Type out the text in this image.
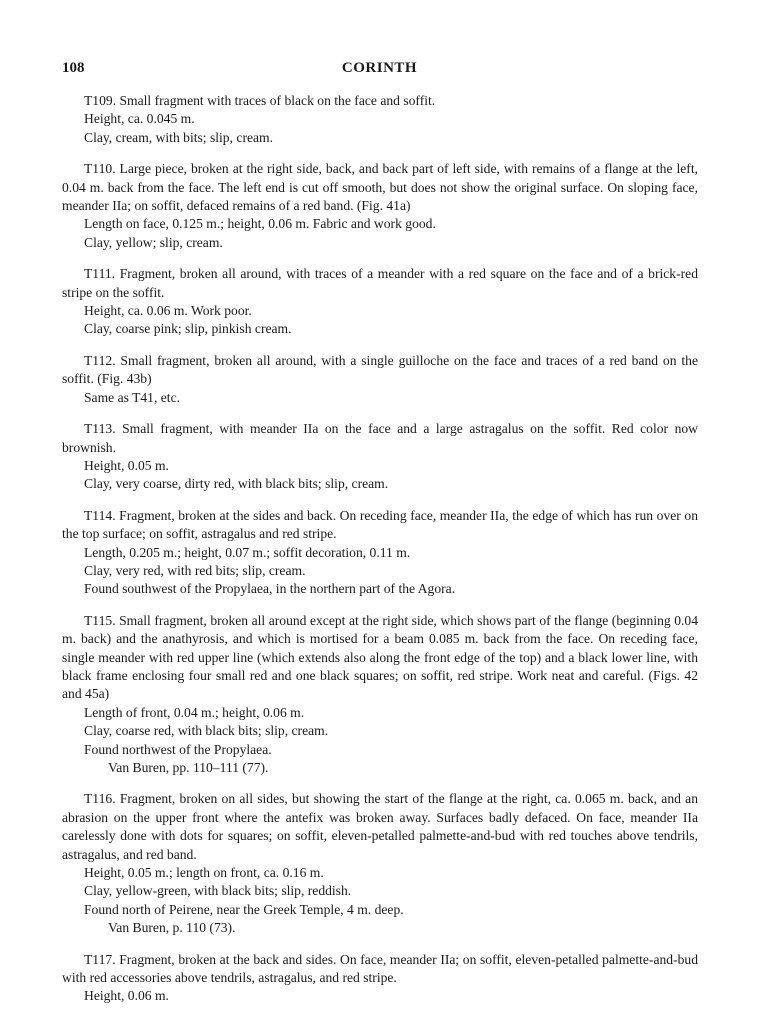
108	CORINTH

T109. Small fragment with traces of black on the face and soffit.

Height, ca. 0.045 m.

Clay, cream, with bits; slip, cream.

T110. Large piece, broken at the right side, back, and back part of left side, with remains of a flange at the left, 0.04 m. back from the face. The left end is cut off smooth, but does not show the original surface. On sloping face, meander IIa; on soffit, defaced remains of a red band. (Fig. 41a)

Length on face, 0.125 m.; height, 0.06 m. Fabric and work good.

Clay, yellow; slip, cream.

T111. Fragment, broken all around, with traces of a meander with a red square on the face and of a brick-red stripe on the soffit.

Height, ca. 0.06 m. Work poor.

Clay, coarse pink; slip, pinkish cream.

T112. Small fragment, broken all around, with a single guilloche on the face and traces of a red band on the soffit. (Fig. 43b)

Same as T41, etc.

T113. Small fragment, with meander IIa on the face and a large astragalus on the soffit. Red color now brownish.

Height, 0.05 m.

Clay, very coarse, dirty red, with black bits; slip, cream.

T114. Fragment, broken at the sides and back. On receding face, meander IIa, the edge of which has run over on the top surface; on soffit, astragalus and red stripe.

Length, 0.205 m.; height, 0.07 m.; soffit decoration, 0.11 m.

Clay, very red, with red bits; slip, cream.

Found southwest of the Propylaea, in the northern part of the Agora.

T115. Small fragment, broken all around except at the right side, which shows part of the flange (beginning 0.04 m. back) and the anathyrosis, and which is mortised for a beam 0.085 m. back from the face. On receding face, single meander with red upper line (which extends also along the front edge of the top) and a black lower line, with black frame enclosing four small red and one black squares; on soffit, red stripe. Work neat and careful. (Figs. 42 and 45a)

Length of front, 0.04 m.; height, 0.06 m.

Clay, coarse red, with black bits; slip, cream.

Found northwest of the Propylaea.

Van Buren, pp. 110–111 (77).

T116. Fragment, broken on all sides, but showing the start of the flange at the right, ca. 0.065 m. back, and an abrasion on the upper front where the antefix was broken away. Surfaces badly defaced. On face, meander IIa carelessly done with dots for squares; on soffit, eleven-petalled palmette-and-bud with red touches above tendrils, astragalus, and red band.

Height, 0.05 m.; length on front, ca. 0.16 m.

Clay, yellow-green, with black bits; slip, reddish.

Found north of Peirene, near the Greek Temple, 4 m. deep.

Van Buren, p. 110 (73).

T117. Fragment, broken at the back and sides. On face, meander IIa; on soffit, eleven-petalled palmette-and-bud with red accessories above tendrils, astragalus, and red stripe.

Height, 0.06 m.
